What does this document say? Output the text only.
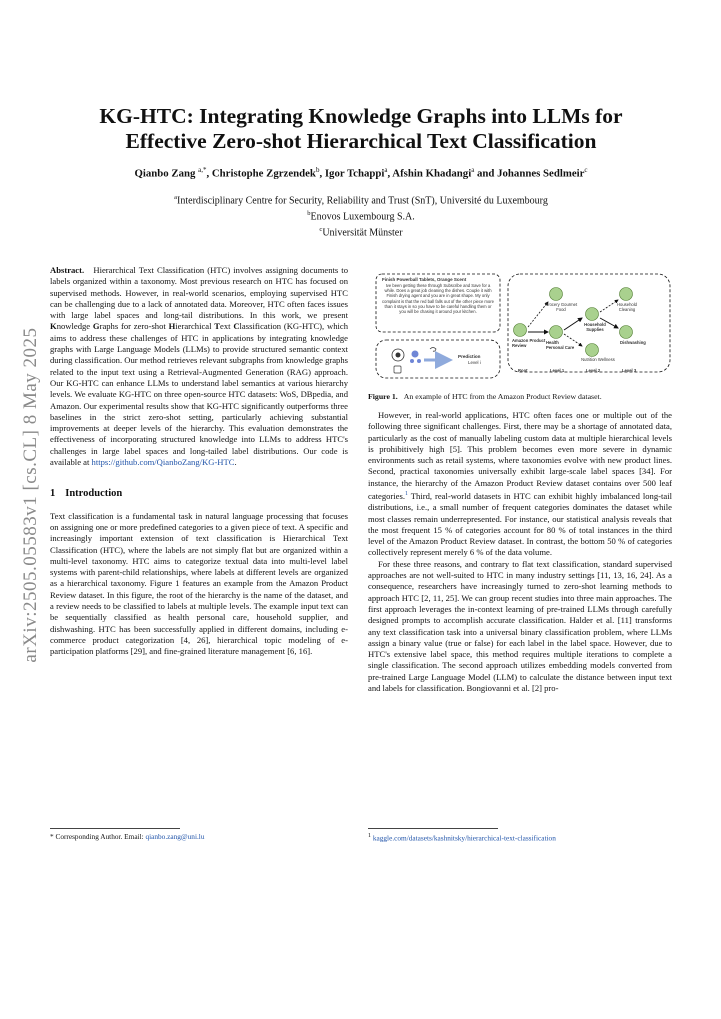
arXiv:2505.05583v1 [cs.CL] 8 May 2025
KG-HTC: Integrating Knowledge Graphs into LLMs for
Effective Zero-shot Hierarchical Text Classification
Qianbo Zang $^{a,*}$, Christophe Zgrzendek$^b$, Igor Tchappi$^a$, Afshin Khadangi$^a$ and Johannes Sedlmeir$^c$
$^a$Interdisciplinary Centre for Security, Reliability and Trust (SnT), Université du Luxembourg
$^b$Enovos Luxembourg S.A.
$^c$Universität Münster

Abstract. Hierarchical Text Classification (HTC) involves assigning documents to labels organized within a taxonomy. Most previous research on HTC has focused on supervised methods. However, in real-world scenarios, employing supervised HTC can be challenging due to a lack of annotated data. Moreover, HTC often faces issues with large label spaces and long-tail distributions. In this work, we present Knowledge Graphs for zero-shot Hierarchical Text Classification (KG-HTC), which aims to address these challenges of HTC in applications by integrating knowledge graphs with Large Language Models (LLMs) to provide structured semantic context during classification. Our method retrieves relevant subgraphs from knowledge graphs related to the input text using a Retrieval-Augmented Generation (RAG) approach. Our KG-HTC can enhance LLMs to understand label semantics at various hierarchy levels. We evaluate KG-HTC on three open-source HTC datasets: WoS, DBpedia, and Amazon. Our experimental results show that KG-HTC significantly outperforms three baselines in the strict zero-shot setting, particularly achieving substantial improvements at deeper levels of the hierarchy. This evaluation demonstrates the effectiveness of incorporating structured knowledge into LLMs to address HTC's challenges in large label spaces and long-tailed label distributions. Our code is available at https://github.com/QianboZang/KG-HTC.

1 Introduction

Text classification is a fundamental task in natural language processing that focuses on assigning one or more predefined categories to a given piece of text. A specific and increasingly important extension of text classification is Hierarchical Text Classification (HTC), where the labels are not simply flat but are organized within a multi-level taxonomy. HTC aims to categorize textual data into multi-level label systems with parent-child relationships, where labels at different levels are organized as a hierarchical taxonomy. Figure 1 features an example from the Amazon Product Review dataset. In this figure, the root of the hierarchy is the name of the dataset, and a review needs to be classified to labels at multiple levels. The example input text can be sequentially classified as health personal care, household supplier, and dishwashing. HTC has been successfully applied in different domains, including e-commerce product categorization [4, 26], hierarchical topic modeling of e-participation platforms [29], and fine-grained literature management [6, 16].

* Corresponding Author. Email: qianbo.zang@uni.lu
Finish Powerball Tablets, Orange Scent
Ive been getting these through Subscribe and Save for a while. Does a great job cleaning the dishes. Couple it with Finish drying agent and you are in great shape. My only complaint is that the red ball falls out of the other piece more than it stays in so you have to be careful handling them or you will be chasing it around your kitchen.
Prediction
Level i
Amazon Product Review
Grocery Gourmet Food
Health Personal Care
Household Supplies
Nutrition Wellness
Household Cleaning
Dishwashing
Root	Level 1	Level 2	Level 3
Figure 1. An example of HTC from the Amazon Product Review dataset.

However, in real-world applications, HTC often faces one or multiple out of the following three significant challenges. First, there may be a shortage of annotated data, particularly as the cost of manually labeling custom data at multiple hierarchical levels is prohibitively high [5]. This problem becomes even more severe in dynamic environments such as retail systems, where taxonomies evolve with new product lines. Second, practical taxonomies universally exhibit large-scale label spaces [34]. For instance, the hierarchy of the Amazon Product Review dataset contains over 500 leaf categories.$^1$ Third, real-world datasets in HTC can exhibit highly imbalanced long-tail distributions, i.e., a small number of frequent categories dominates the dataset while most classes remain underrepresented. For instance, our statistical analysis reveals that the most frequent 15 % of categories account for 80 % of total instances in the third level of the Amazon Product Review dataset. In contrast, the bottom 50 % of categories collectively represent merely 6 % of the data volume.

For these three reasons, and contrary to flat text classification, standard supervised approaches are not well-suited to HTC in many industry settings [11, 13, 16, 24]. As a consequence, researchers have increasingly turned to zero-shot learning methods to approach HTC [2, 11, 25]. We can group recent studies into three main approaches. The first approach leverages the in-context learning of pre-trained LLMs through carefully designed prompts to accomplish accurate classification. Halder et al. [11] transforms any text classification task into a universal binary classification problem, where LLMs assign a binary value (true or false) for each label in the label space. However, due to HTC's extensive label space, this method requires multiple iterations to complete a single classification. The second approach utilizes embedding models converted from pre-trained Large Language Model (LLM) to calculate the distance between input text and labels for classification. Bongiovanni et al. [2] pro-

$^1$ kaggle.com/datasets/kashnitsky/hierarchical-text-classification
